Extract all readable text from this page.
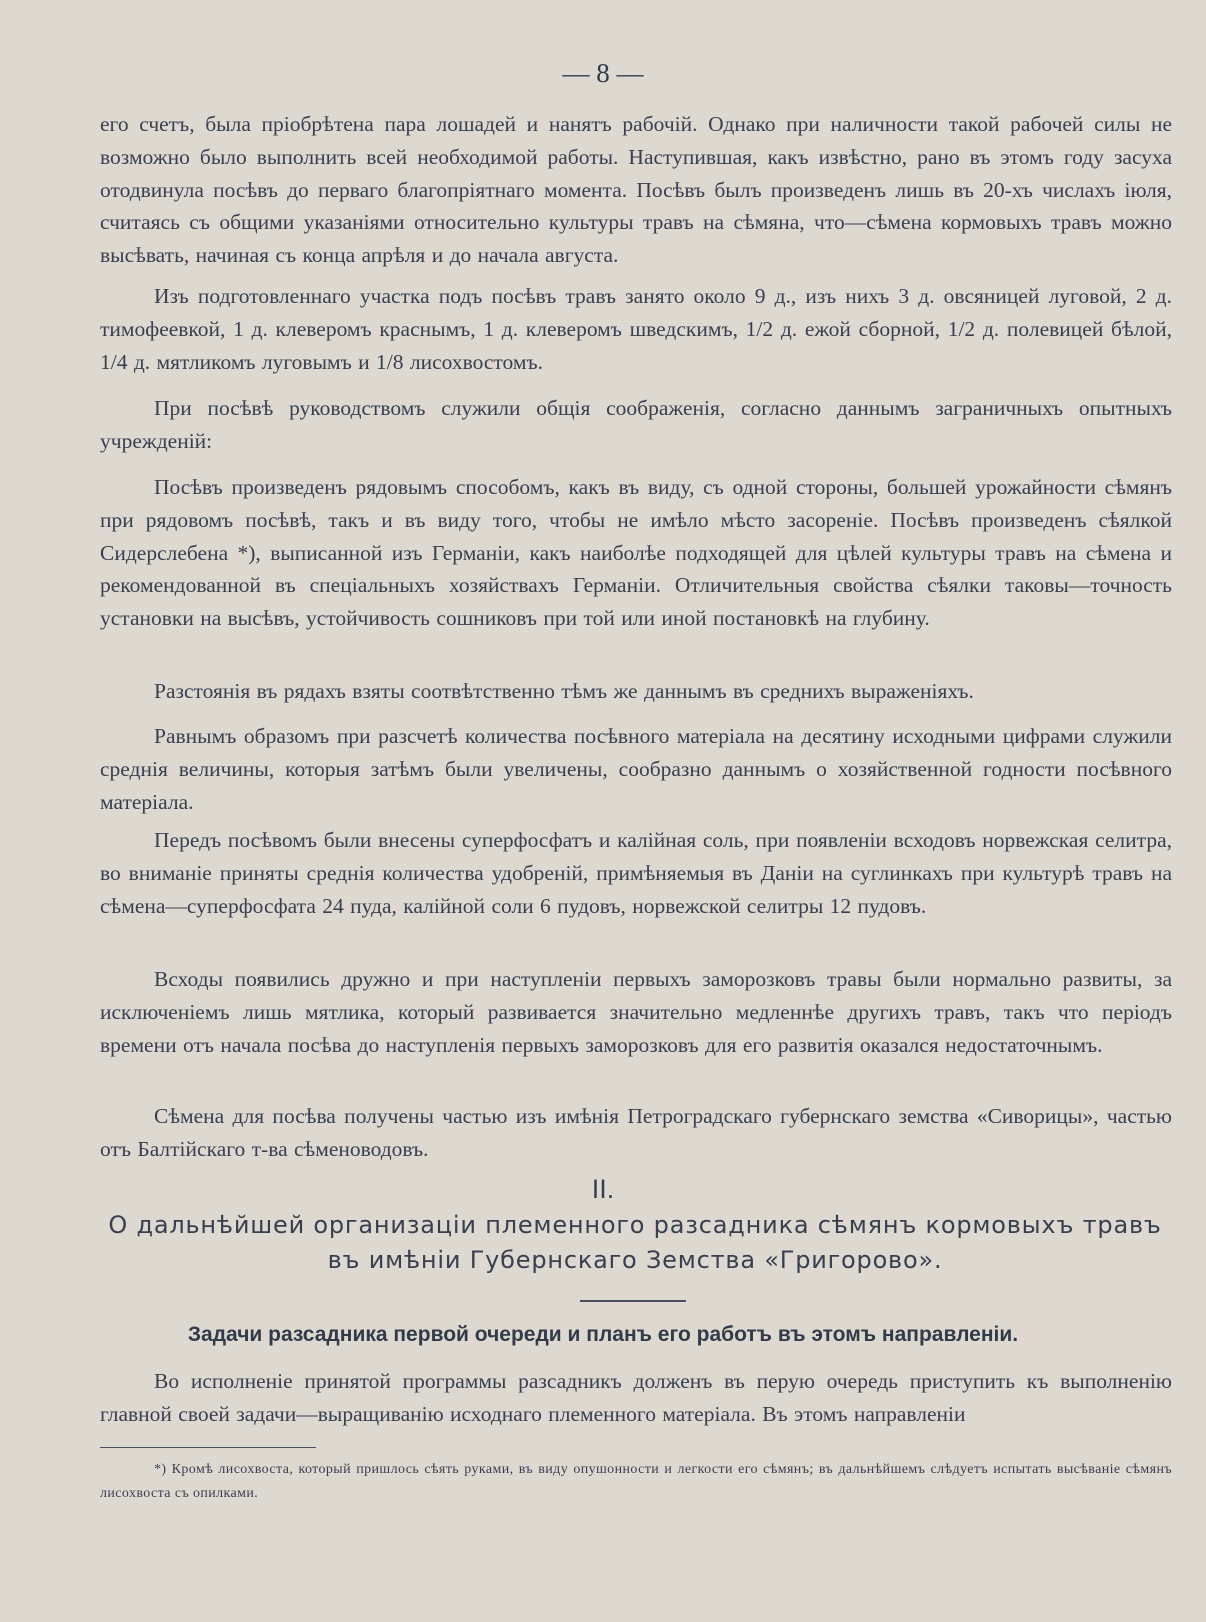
— 8 —
его счетъ, была пріобрѣтена пара лошадей и нанятъ рабочій. Однако при наличности такой рабочей силы не возможно было выполнить всей необходимой работы. Наступившая, какъ извѣстно, рано въ этомъ году засуха отодвинула посѣвъ до перваго благопріятнаго момента. Посѣвъ былъ произведенъ лишь въ 20-хъ числахъ іюля, считаясь съ общими указаніями относительно культуры травъ на сѣмяна, что—сѣмена кормовыхъ травъ можно высѣвать, начиная съ конца апрѣля и до начала августа.
Изъ подготовленнаго участка подъ посѣвъ травъ занято около 9 д., изъ нихъ 3 д. овсяницей луговой, 2 д. тимофеевкой, 1 д. клеверомъ краснымъ, 1 д. клеверомъ шведскимъ, 1/2 д. ежой сборной, 1/2 д. полевицей бѣлой, 1/4 д. мятликомъ луговымъ и 1/8 лисохвостомъ.
При посѣвѣ руководствомъ служили общія соображенія, согласно даннымъ заграничныхъ опытныхъ учрежденій:
Посѣвъ произведенъ рядовымъ способомъ, какъ въ виду, съ одной стороны, большей урожайности сѣмянъ при рядовомъ посѣвѣ, такъ и въ виду того, чтобы не имѣло мѣсто засореніе. Посѣвъ произведенъ сѣялкой Сидерслебена *), выписанной изъ Германіи, какъ наиболѣе подходящей для цѣлей культуры травъ на сѣмена и рекомендованной въ спеціальныхъ хозяйствахъ Германіи. Отличительныя свойства сѣялки таковы—точность установки на высѣвъ, устойчивость сошниковъ при той или иной постановкѣ на глубину.
Разстоянія въ рядахъ взяты соотвѣтственно тѣмъ же даннымъ въ среднихъ выраженіяхъ.
Равнымъ образомъ при разсчетѣ количества посѣвного матеріала на десятину исходными цифрами служили среднія величины, которыя затѣмъ были увеличены, сообразно даннымъ о хозяйственной годности посѣвного матеріала.
Передъ посѣвомъ были внесены суперфосфатъ и калійная соль, при появленіи всходовъ норвежская селитра, во вниманіе приняты среднія количества удобреній, примѣняемыя въ Даніи на суглинкахъ при культурѣ травъ на сѣмена—суперфосфата 24 пуда, калійной соли 6 пудовъ, норвежской селитры 12 пудовъ.
Всходы появились дружно и при наступленіи первыхъ заморозковъ травы были нормально развиты, за исключеніемъ лишь мятлика, который развивается значительно медленнѣе другихъ травъ, такъ что періодъ времени отъ начала посѣва до наступленія первыхъ заморозковъ для его развитія оказался недостаточнымъ.
Сѣмена для посѣва получены частью изъ имѣнія Петроградскаго губернскаго земства «Сиворицы», частью отъ Балтійскаго т-ва сѣменоводовъ.
II.
О дальнѣйшей организаціи племенного разсадника сѣмянъ кормовыхъ травъ въ имѣніи Губернскаго Земства «Григорово».
Задачи разсадника первой очереди и планъ его работъ въ этомъ направленіи.
Во исполненіе принятой программы разсадникъ долженъ въ перую очередь приступить къ выполненію главной своей задачи—выращиванію исходнаго племенного матеріала. Въ этомъ направленіи
*) Кромѣ лисохвоста, который пришлось сѣять руками, въ виду опушонности и легкости его сѣмянъ; въ дальнѣйшемъ слѣдуетъ испытать высѣваніе сѣмянъ лисохвоста съ опилками.
